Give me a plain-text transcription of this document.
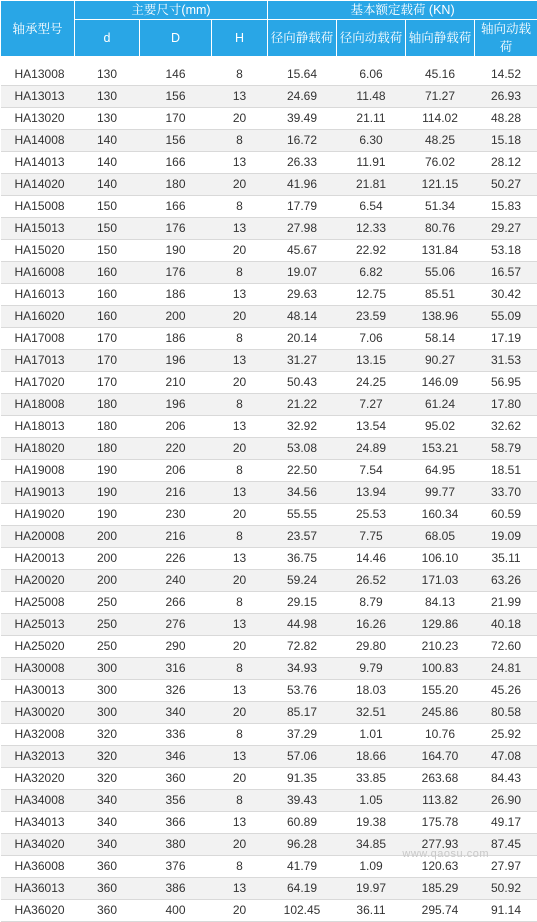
轴承型号	主要尺寸(mm)			基本额定载荷 (KN)			
	d	D	H	径向静载荷	径向动载荷	轴向静载荷	轴向动载荷

HA13008	130	146	8	15.64	6.06	45.16	14.52
HA13013	130	156	13	24.69	11.48	71.27	26.93
HA13020	130	170	20	39.49	21.11	114.02	48.28
HA14008	140	156	8	16.72	6.30	48.25	15.18
HA14013	140	166	13	26.33	11.91	76.02	28.12
HA14020	140	180	20	41.96	21.81	121.15	50.27
HA15008	150	166	8	17.79	6.54	51.34	15.83
HA15013	150	176	13	27.98	12.33	80.76	29.27
HA15020	150	190	20	45.67	22.92	131.84	53.18
HA16008	160	176	8	19.07	6.82	55.06	16.57
HA16013	160	186	13	29.63	12.75	85.51	30.42
HA16020	160	200	20	48.14	23.59	138.96	55.09
HA17008	170	186	8	20.14	7.06	58.14	17.19
HA17013	170	196	13	31.27	13.15	90.27	31.53
HA17020	170	210	20	50.43	24.25	146.09	56.95
HA18008	180	196	8	21.22	7.27	61.24	17.80
HA18013	180	206	13	32.92	13.54	95.02	32.62
HA18020	180	220	20	53.08	24.89	153.21	58.79
HA19008	190	206	8	22.50	7.54	64.95	18.51
HA19013	190	216	13	34.56	13.94	99.77	33.70
HA19020	190	230	20	55.55	25.53	160.34	60.59
HA20008	200	216	8	23.57	7.75	68.05	19.09
HA20013	200	226	13	36.75	14.46	106.10	35.11
HA20020	200	240	20	59.24	26.52	171.03	63.26
HA25008	250	266	8	29.15	8.79	84.13	21.99
HA25013	250	276	13	44.98	16.26	129.86	40.18
HA25020	250	290	20	72.82	29.80	210.23	72.60
HA30008	300	316	8	34.93	9.79	100.83	24.81
HA30013	300	326	13	53.76	18.03	155.20	45.26
HA30020	300	340	20	85.17	32.51	245.86	80.58
HA32008	320	336	8	37.29	1.01	10.76	25.92
HA32013	320	346	13	57.06	18.66	164.70	47.08
HA32020	320	360	20	91.35	33.85	263.68	84.43
HA34008	340	356	8	39.43	1.05	113.82	26.90
HA34013	340	366	13	60.89	19.38	175.78	49.17
HA34020	340	380	20	96.28	34.85	277.93	87.45
HA36008	360	376	8	41.79	1.09	120.63	27.97
HA36013	360	386	13	64.19	19.97	185.29	50.92
HA36020	360	400	20	102.45	36.11	295.74	91.14
www.qaosu.com
